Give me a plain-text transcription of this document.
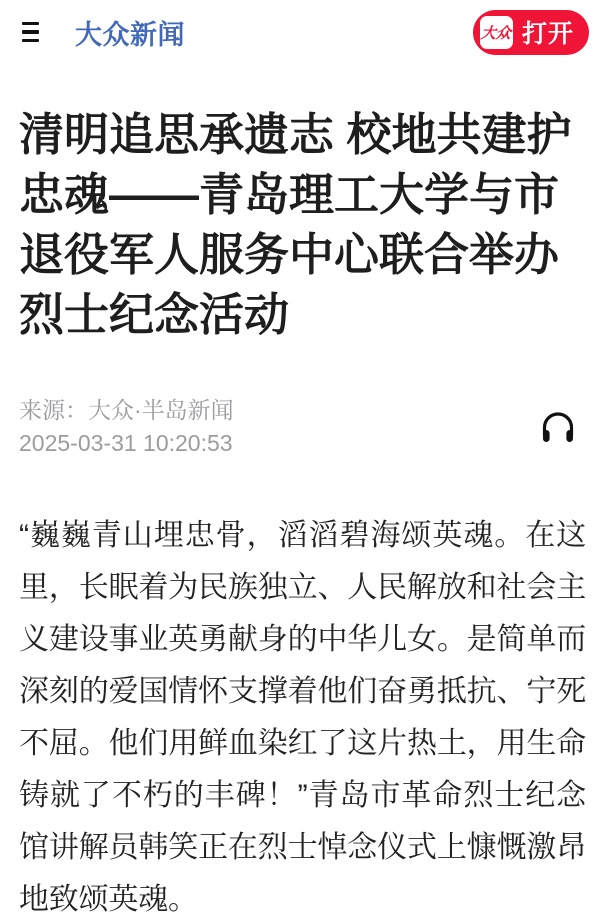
大众新闻	大众 打开
清明追思承遗志 校地共建护忠魂——青岛理工大学与市退役军人服务中心联合举办烈士纪念活动
来源：大众·半岛新闻
2025-03-31 10:20:53

“巍巍青山埋忠骨，滔滔碧海颂英魂。在这里，长眠着为民族独立、人民解放和社会主义建设事业英勇献身的中华儿女。是简单而深刻的爱国情怀支撑着他们奋勇抵抗、宁死不屈。他们用鲜血染红了这片热土，用生命铸就了不朽的丰碑！”青岛市革命烈士纪念馆讲解员韩笑正在烈士悼念仪式上慷慨激昂地致颂英魂。
